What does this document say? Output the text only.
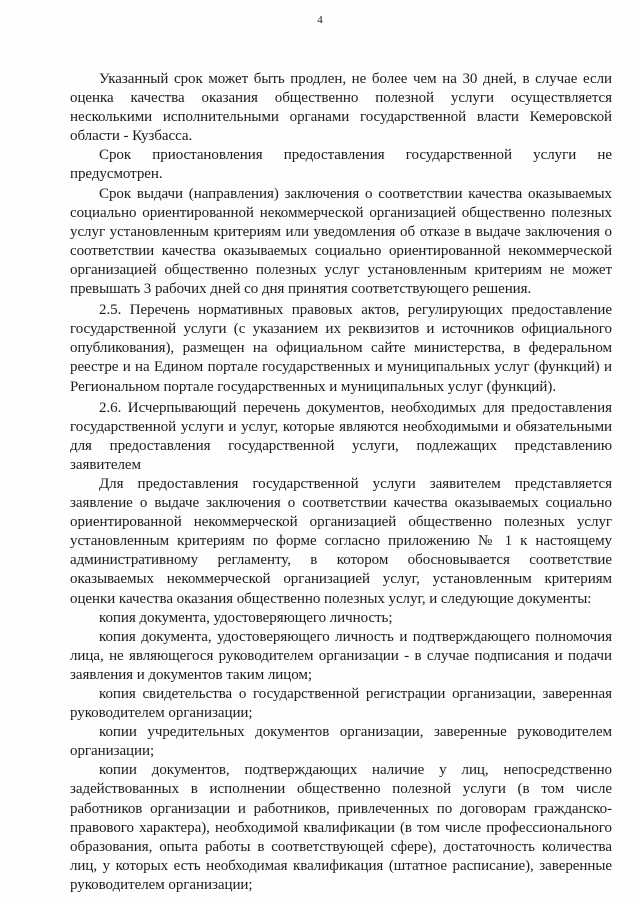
4

Указанный срок может быть продлен, не более чем на 30 дней, в случае если оценка качества оказания общественно полезной услуги осуществляется несколькими исполнительными органами государственной власти Кемеровской области - Кузбасса.

Срок приостановления предоставления государственной услуги не предусмотрен.

Срок выдачи (направления) заключения о соответствии качества оказываемых социально ориентированной некоммерческой организацией общественно полезных услуг установленным критериям или уведомления об отказе в выдаче заключения о соответствии качества оказываемых социально ориентированной некоммерческой организацией общественно полезных услуг установленным критериям не может превышать 3 рабочих дней со дня принятия соответствующего решения.

2.5. Перечень нормативных правовых актов, регулирующих предоставление государственной услуги (с указанием их реквизитов и источников официального опубликования), размещен на официальном сайте министерства, в федеральном реестре и на Едином портале государственных и муниципальных услуг (функций) и Региональном портале государственных и муниципальных услуг (функций).

2.6. Исчерпывающий перечень документов, необходимых для предоставления государственной услуги и услуг, которые являются необходимыми и обязательными для предоставления государственной услуги, подлежащих представлению заявителем

Для предоставления государственной услуги заявителем представляется заявление о выдаче заключения о соответствии качества оказываемых социально ориентированной некоммерческой организацией общественно полезных услуг установленным критериям по форме согласно приложению № 1 к настоящему административному регламенту, в котором обосновывается соответствие оказываемых некоммерческой организацией услуг, установленным критериям оценки качества оказания общественно полезных услуг, и следующие документы:

копия документа, удостоверяющего личность;

копия документа, удостоверяющего личность и подтверждающего полномочия лица, не являющегося руководителем организации - в случае подписания и подачи заявления и документов таким лицом;

копия свидетельства о государственной регистрации организации, заверенная руководителем организации;

копии учредительных документов организации, заверенные руководителем организации;

копии документов, подтверждающих наличие у лиц, непосредственно задействованных в исполнении общественно полезной услуги (в том числе работников организации и работников, привлеченных по договорам гражданско-правового характера), необходимой квалификации (в том числе профессионального образования, опыта работы в соответствующей сфере), достаточность количества лиц, у которых есть необходимая квалификация (штатное расписание), заверенные руководителем организации;
